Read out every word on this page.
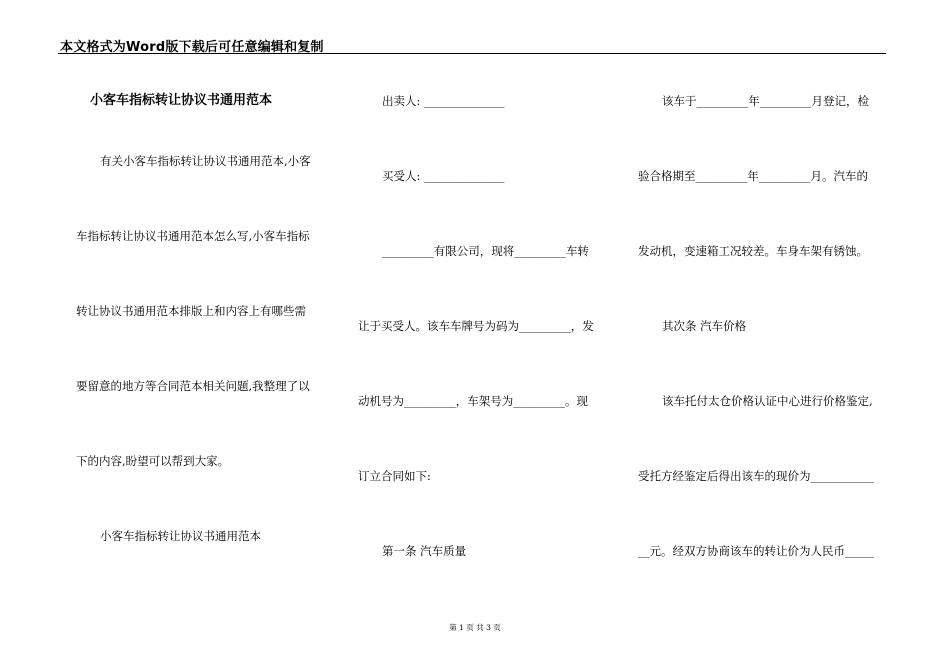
本文格式为Word版下载后可任意编辑和复制
小客车指标转让协议书通用范本
有关小客车指标转让协议书通用范本,小客
车指标转让协议书通用范本怎么写,小客车指标
转让协议书通用范本排版上和内容上有哪些需
要留意的地方等合同范本相关问题,我整理了以
下的内容,盼望可以帮到大家。
小客车指标转让协议书通用范本
出卖人: ______________
买受人: ______________
_________有限公司，现将_________车转
让于买受人。该车车牌号为码为_________，发
动机号为_________，车架号为_________。现
订立合同如下:
第一条 汽车质量
该车于_________年_________月登记，检
验合格期至_________年_________月。汽车的
发动机，变速箱工况较差。车身车架有锈蚀。
其次条 汽车价格
该车托付太仓价格认证中心进行价格鉴定,
受托方经鉴定后得出该车的现价为___________
__元。经双方协商该车的转让价为人民币_____
第 1 页 共 3 页
